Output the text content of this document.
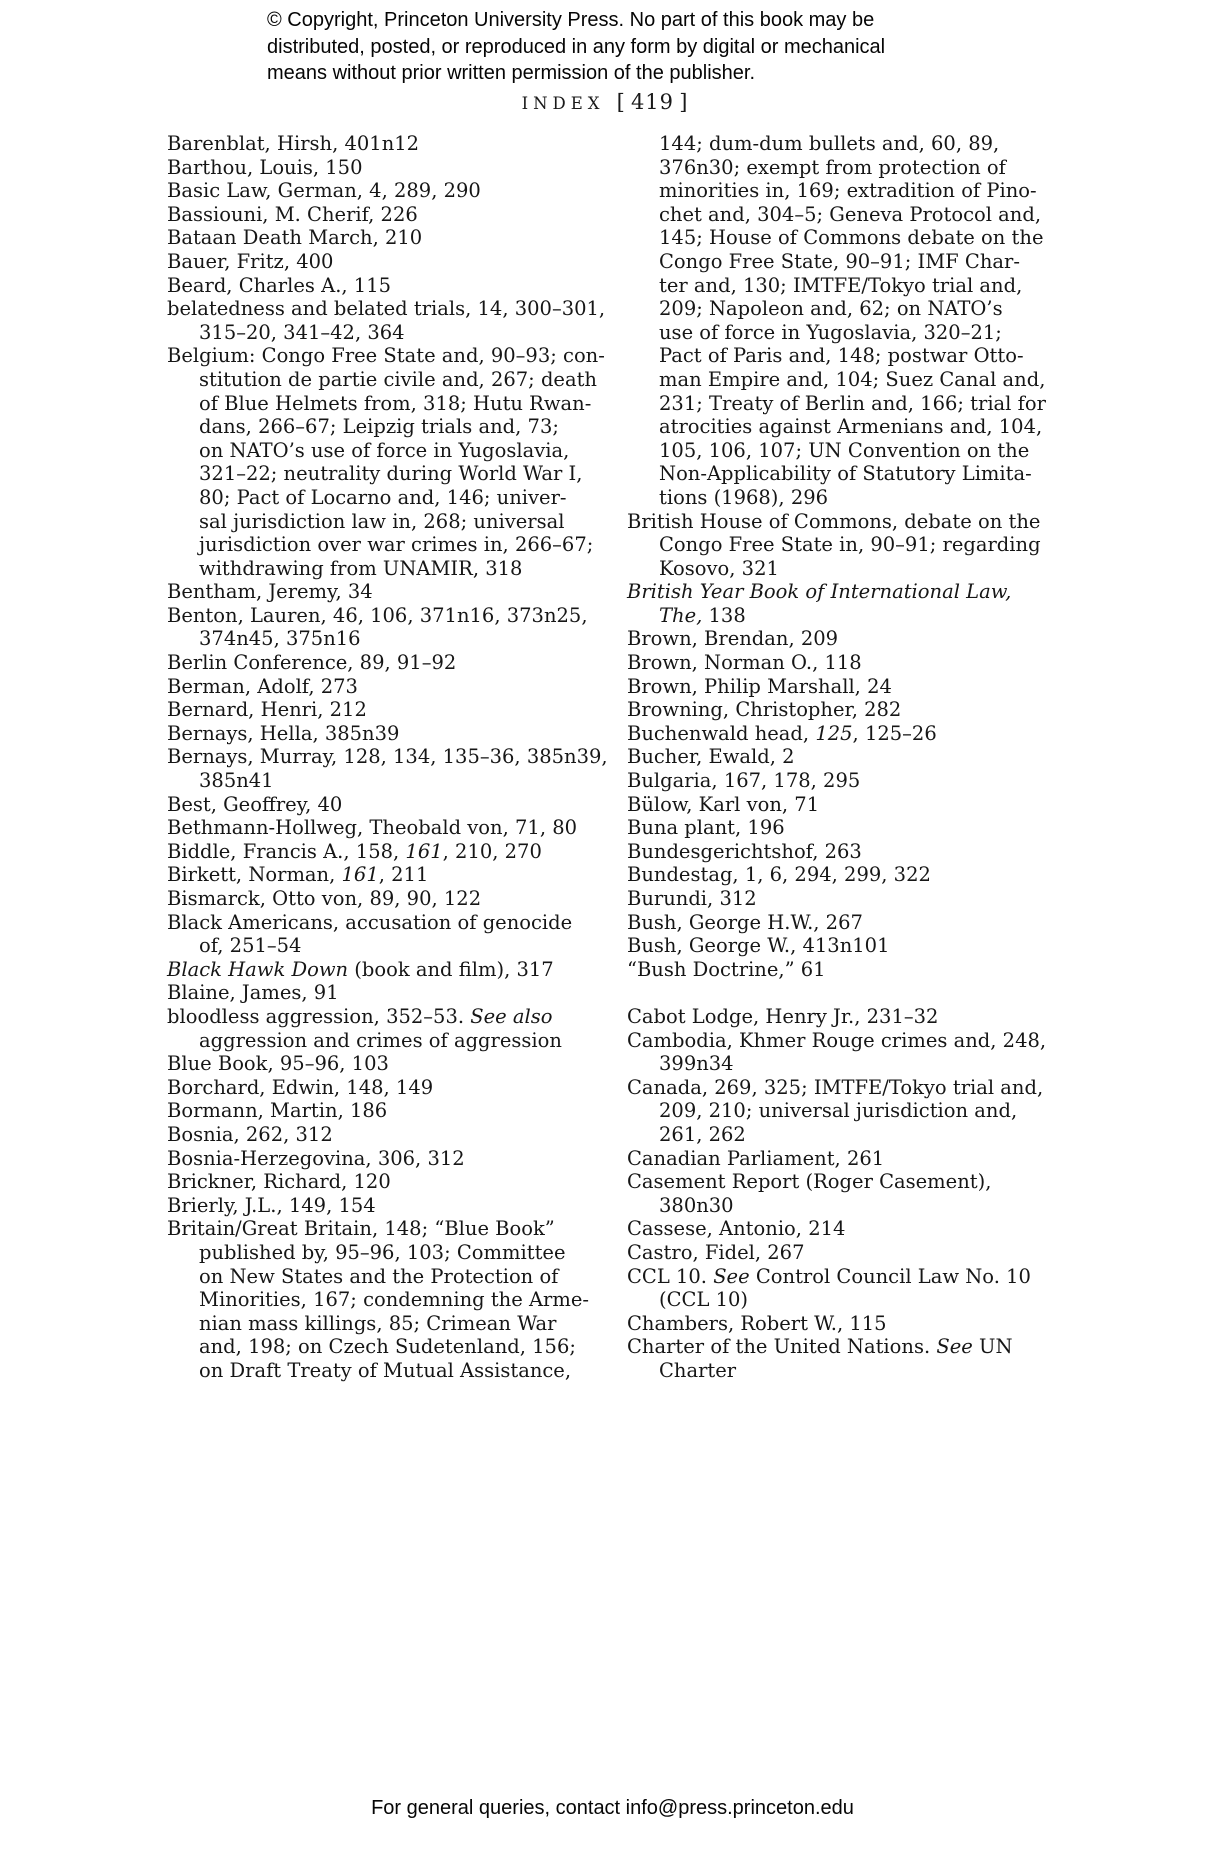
© Copyright, Princeton University Press. No part of this book may be
distributed, posted, or reproduced in any form by digital or mechanical
means without prior written permission of the publisher.
INDEX [ 419 ]
Barenblat, Hirsh, 401n12
Barthou, Louis, 150
Basic Law, German, 4, 289, 290
Bassiouni, M. Cherif, 226
Bataan Death March, 210
Bauer, Fritz, 400
Beard, Charles A., 115
belatedness and belated trials, 14, 300–301,
315–20, 341–42, 364
Belgium: Congo Free State and, 90–93; con-
stitution de partie civile and, 267; death
of Blue Helmets from, 318; Hutu Rwan-
dans, 266–67; Leipzig trials and, 73;
on NATO’s use of force in Yugoslavia,
321–22; neutrality during World War I,
80; Pact of Locarno and, 146; univer-
sal jurisdiction law in, 268; universal
jurisdiction over war crimes in, 266–67;
withdrawing from UNAMIR, 318
Bentham, Jeremy, 34
Benton, Lauren, 46, 106, 371n16, 373n25,
374n45, 375n16
Berlin Conference, 89, 91–92
Berman, Adolf, 273
Bernard, Henri, 212
Bernays, Hella, 385n39
Bernays, Murray, 128, 134, 135–36, 385n39,
385n41
Best, Geoffrey, 40
Bethmann-Hollweg, Theobald von, 71, 80
Biddle, Francis A., 158, 161, 210, 270
Birkett, Norman, 161, 211
Bismarck, Otto von, 89, 90, 122
Black Americans, accusation of genocide
of, 251–54
Black Hawk Down (book and film), 317
Blaine, James, 91
bloodless aggression, 352–53. See also
aggression and crimes of aggression
Blue Book, 95–96, 103
Borchard, Edwin, 148, 149
Bormann, Martin, 186
Bosnia, 262, 312
Bosnia-Herzegovina, 306, 312
Brickner, Richard, 120
Brierly, J.L., 149, 154
Britain/Great Britain, 148; “Blue Book”
published by, 95–96, 103; Committee
on New States and the Protection of
Minorities, 167; condemning the Arme-
nian mass killings, 85; Crimean War
and, 198; on Czech Sudetenland, 156;
on Draft Treaty of Mutual Assistance,
144; dum-dum bullets and, 60, 89,
376n30; exempt from protection of
minorities in, 169; extradition of Pino-
chet and, 304–5; Geneva Protocol and,
145; House of Commons debate on the
Congo Free State, 90–91; IMF Char-
ter and, 130; IMTFE/Tokyo trial and,
209; Napoleon and, 62; on NATO’s
use of force in Yugoslavia, 320–21;
Pact of Paris and, 148; postwar Otto-
man Empire and, 104; Suez Canal and,
231; Treaty of Berlin and, 166; trial for
atrocities against Armenians and, 104,
105, 106, 107; UN Convention on the
Non-Applicability of Statutory Limita-
tions (1968), 296
British House of Commons, debate on the
Congo Free State in, 90–91; regarding
Kosovo, 321
British Year Book of International Law,
The, 138
Brown, Brendan, 209
Brown, Norman O., 118
Brown, Philip Marshall, 24
Browning, Christopher, 282
Buchenwald head, 125, 125–26
Bucher, Ewald, 2
Bulgaria, 167, 178, 295
Bülow, Karl von, 71
Buna plant, 196
Bundesgerichtshof, 263
Bundestag, 1, 6, 294, 299, 322
Burundi, 312
Bush, George H.W., 267
Bush, George W., 413n101
“Bush Doctrine,” 61
Cabot Lodge, Henry Jr., 231–32
Cambodia, Khmer Rouge crimes and, 248,
399n34
Canada, 269, 325; IMTFE/Tokyo trial and,
209, 210; universal jurisdiction and,
261, 262
Canadian Parliament, 261
Casement Report (Roger Casement),
380n30
Cassese, Antonio, 214
Castro, Fidel, 267
CCL 10. See Control Council Law No. 10
(CCL 10)
Chambers, Robert W., 115
Charter of the United Nations. See UN
Charter
For general queries, contact info@press.princeton.edu
